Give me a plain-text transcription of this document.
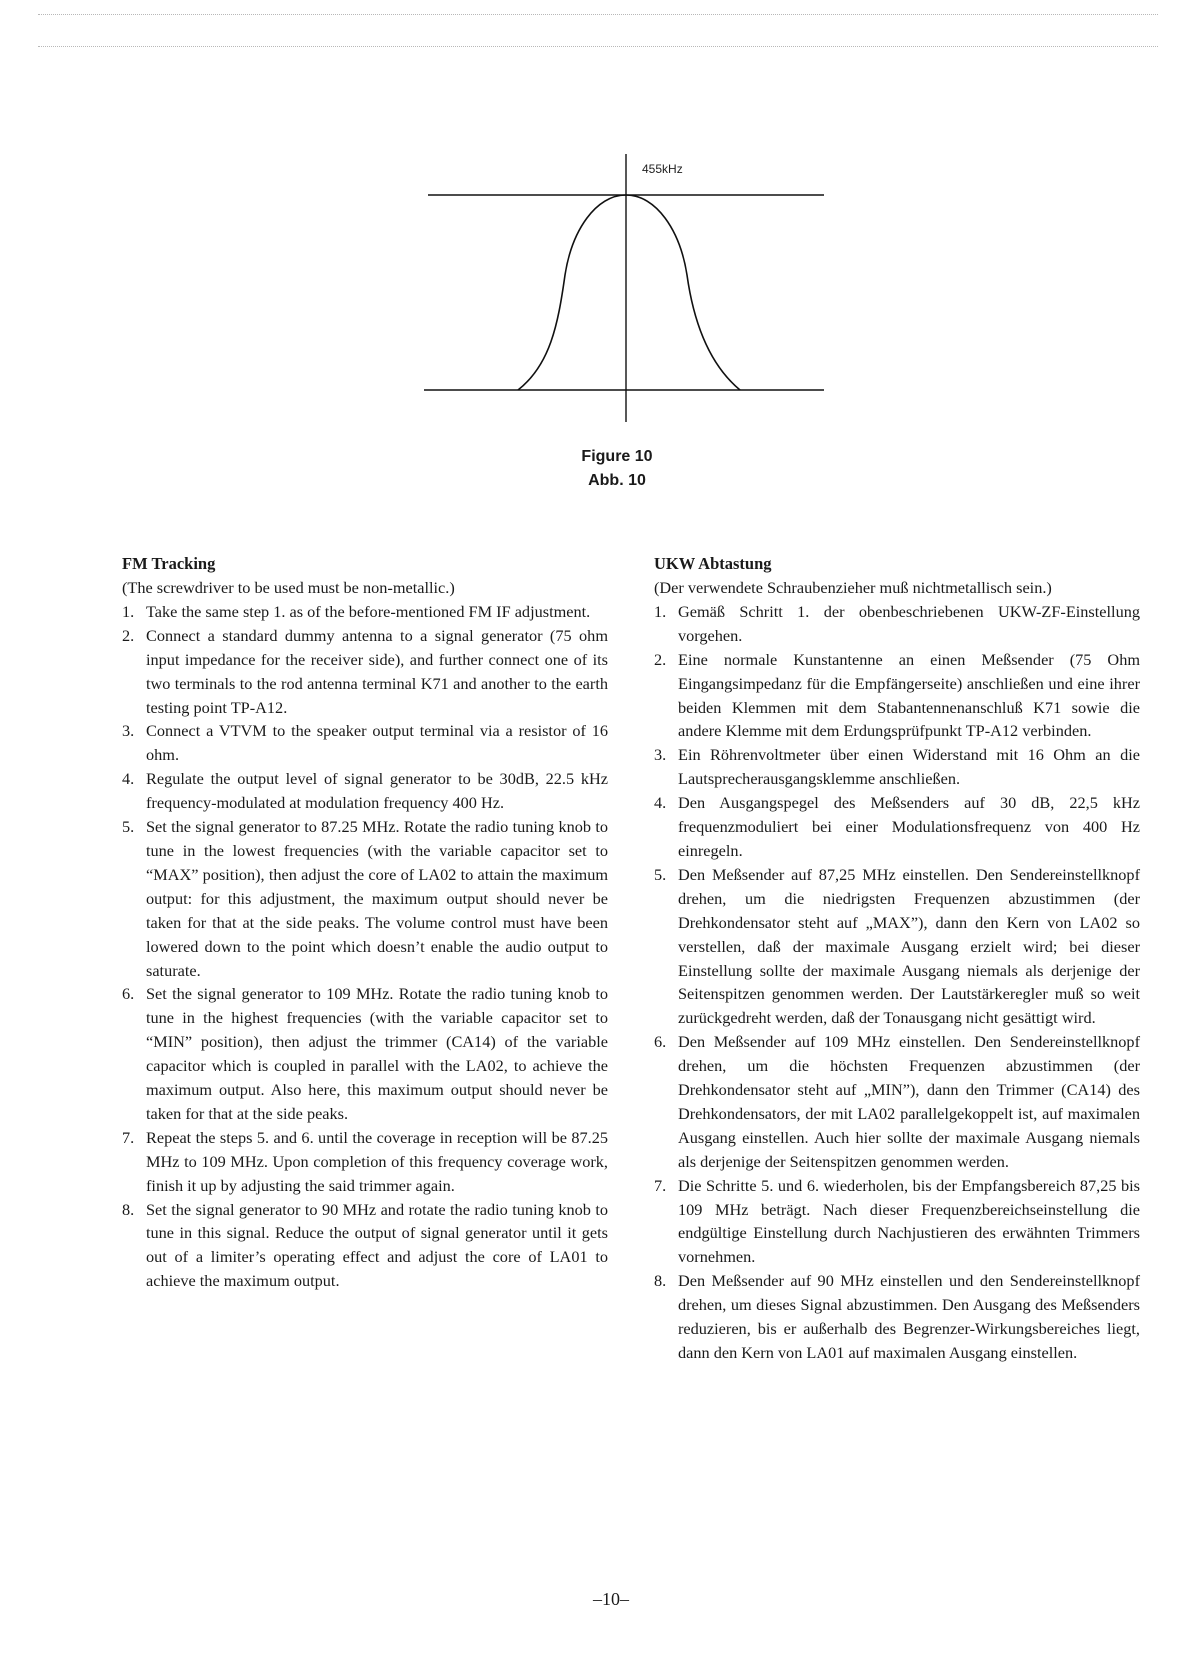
455kHz
Figure 10
Abb. 10
FM Tracking

(The screwdriver to be used must be non-metallic.)

1. Take the same step 1. as of the before-mentioned FM IF adjustment.
2. Connect a standard dummy antenna to a signal generator (75 ohm input impedance for the receiver side), and further connect one of its two terminals to the rod antenna terminal K71 and another to the earth testing point TP-A12.
3. Connect a VTVM to the speaker output terminal via a resistor of 16 ohm.
4. Regulate the output level of signal generator to be 30dB, 22.5 kHz frequency-modulated at modulation frequency 400 Hz.
5. Set the signal generator to 87.25 MHz. Rotate the radio tuning knob to tune in the lowest frequencies (with the variable capacitor set to “MAX” position), then adjust the core of LA02 to attain the maximum output: for this adjustment, the maximum output should never be taken for that at the side peaks. The volume control must have been lowered down to the point which doesn’t enable the audio output to saturate.
6. Set the signal generator to 109 MHz. Rotate the radio tuning knob to tune in the highest frequencies (with the variable capacitor set to “MIN” position), then adjust the trimmer (CA14) of the variable capacitor which is coupled in parallel with the LA02, to achieve the maximum output. Also here, this maximum output should never be taken for that at the side peaks.
7. Repeat the steps 5. and 6. until the coverage in reception will be 87.25 MHz to 109 MHz. Upon completion of this frequency coverage work, finish it up by adjusting the said trimmer again.
8. Set the signal generator to 90 MHz and rotate the radio tuning knob to tune in this signal. Reduce the output of signal generator until it gets out of a limiter’s operating effect and adjust the core of LA01 to achieve the maximum output.
UKW Abtastung

(Der verwendete Schraubenzieher muß nichtmetallisch sein.)

1. Gemäß Schritt 1. der obenbeschriebenen UKW-ZF-Einstellung vorgehen.
2. Eine normale Kunstantenne an einen Meßsender (75 Ohm Eingangsimpedanz für die Empfängerseite) anschließen und eine ihrer beiden Klemmen mit dem Stabantennenanschluß K71 sowie die andere Klemme mit dem Erdungsprüfpunkt TP-A12 verbinden.
3. Ein Röhrenvoltmeter über einen Widerstand mit 16 Ohm an die Lautsprecherausgangsklemme anschließen.
4. Den Ausgangspegel des Meßsenders auf 30 dB, 22,5 kHz frequenzmoduliert bei einer Modulationsfrequenz von 400 Hz einregeln.
5. Den Meßsender auf 87,25 MHz einstellen. Den Sendereinstellknopf drehen, um die niedrigsten Frequenzen abzustimmen (der Drehkondensator steht auf „MAX”), dann den Kern von LA02 so verstellen, daß der maximale Ausgang erzielt wird; bei dieser Einstellung sollte der maximale Ausgang niemals als derjenige der Seitenspitzen genommen werden. Der Lautstärkeregler muß so weit zurückgedreht werden, daß der Tonausgang nicht gesättigt wird.
6. Den Meßsender auf 109 MHz einstellen. Den Sendereinstellknopf drehen, um die höchsten Frequenzen abzustimmen (der Drehkondensator steht auf „MIN”), dann den Trimmer (CA14) des Drehkondensators, der mit LA02 parallelgekoppelt ist, auf maximalen Ausgang einstellen. Auch hier sollte der maximale Ausgang niemals als derjenige der Seitenspitzen genommen werden.
7. Die Schritte 5. und 6. wiederholen, bis der Empfangsbereich 87,25 bis 109 MHz beträgt. Nach dieser Frequenzbereichseinstellung die endgültige Einstellung durch Nachjustieren des erwähnten Trimmers vornehmen.
8. Den Meßsender auf 90 MHz einstellen und den Sendereinstellknopf drehen, um dieses Signal abzustimmen. Den Ausgang des Meßsenders reduzieren, bis er außerhalb des Begrenzer-Wirkungsbereiches liegt, dann den Kern von LA01 auf maximalen Ausgang einstellen.
–10–
